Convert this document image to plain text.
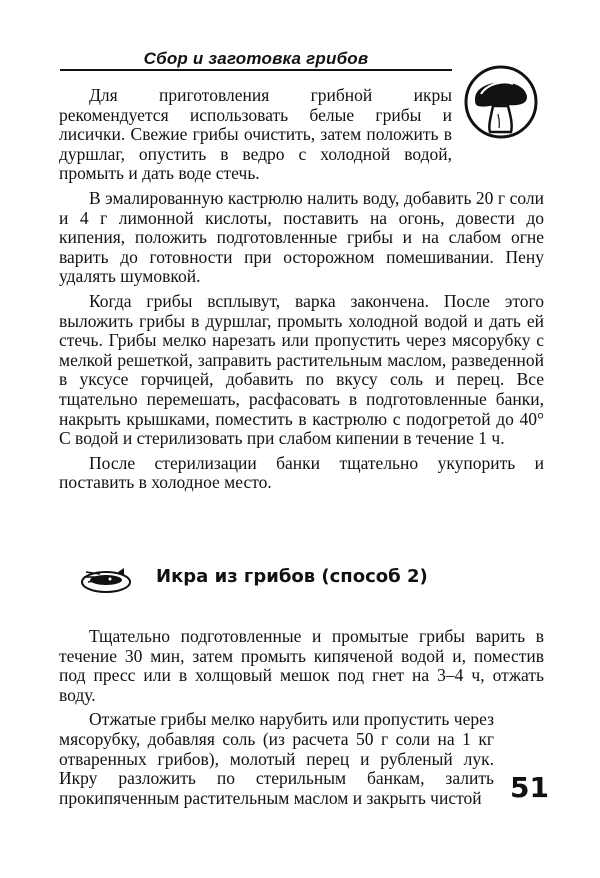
Сбор и заготовка грибов

Для приготовления грибной икры рекомендуется использовать белые грибы и лисички. Свежие грибы очистить, затем положить в дуршлаг, опустить в ведро с холодной водой, промыть и дать воде стечь.

В эмалированную кастрюлю налить воду, добавить 20 г соли и 4 г лимонной кислоты, поставить на огонь, довести до кипения, положить подготовленные грибы и на слабом огне варить до готовности при осторожном помешивании. Пену удалять шумовкой.

Когда грибы всплывут, варка закончена. После этого выложить грибы в дуршлаг, промыть холодной водой и дать ей стечь. Грибы мелко нарезать или пропустить через мясорубку с мелкой решеткой, заправить растительным маслом, разведенной в уксусе горчицей, добавить по вкусу соль и перец. Все тщательно перемешать, расфасовать в подготовленные банки, накрыть крышками, поместить в кастрюлю с подогретой до 40° С водой и стерилизовать при слабом кипении в течение 1 ч.

После стерилизации банки тщательно укупорить и поставить в холодное место.

Икра из грибов (способ 2)

Тщательно подготовленные и промытые грибы варить в течение 30 мин, затем промыть кипяченой водой и, поместив под пресс или в холщовый мешок под гнет на 3–4 ч, отжать воду.

Отжатые грибы мелко нарубить или пропустить через мясорубку, добавляя соль (из расчета 50 г соли на 1 кг отваренных грибов), молотый перец и рубленый лук. Икру разложить по стерильным банкам, залить прокипяченным растительным маслом и закрыть чистой	51
